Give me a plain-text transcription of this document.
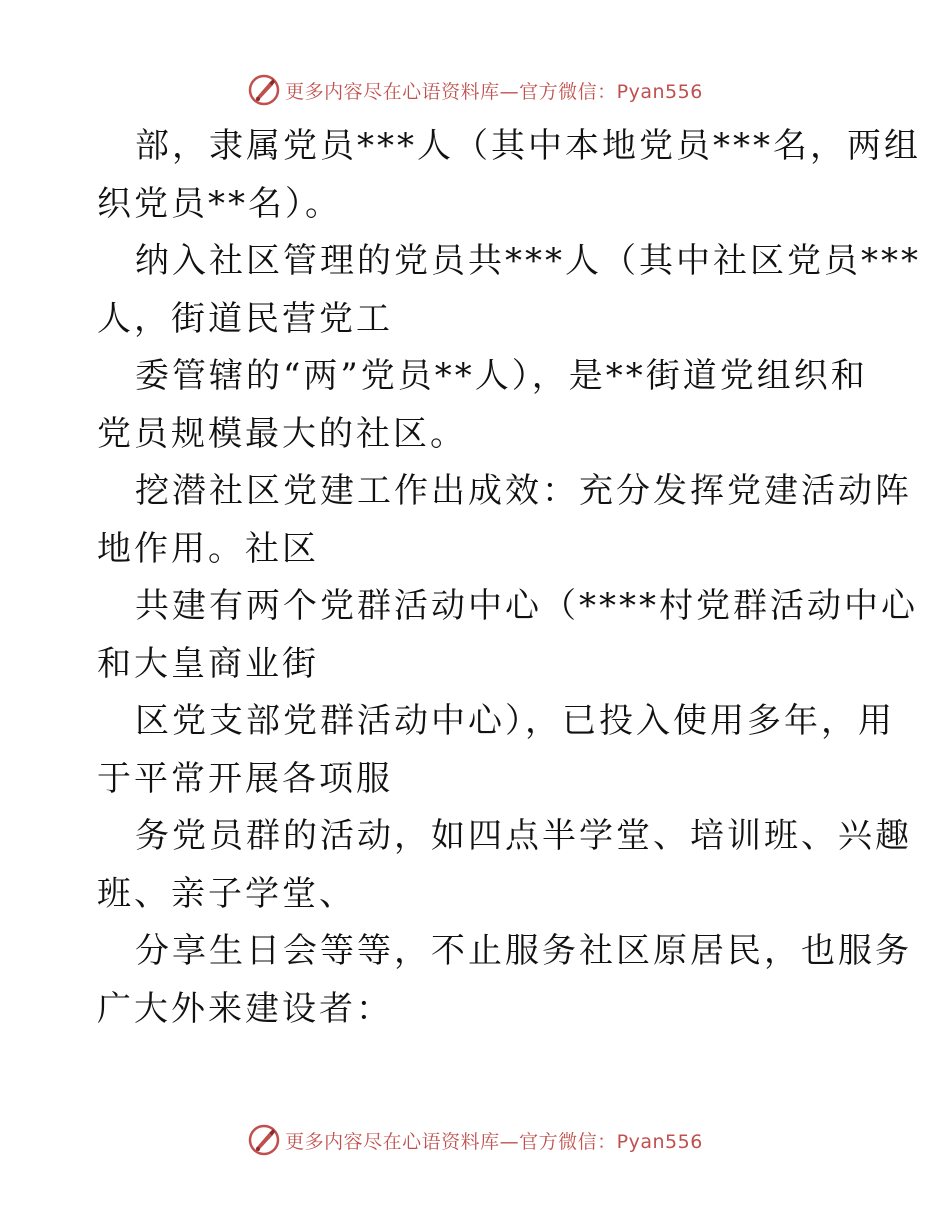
更多内容尽在心语资料库—官方微信：Pyan556
部，隶属党员***人（其中本地党员***名，两组
织党员**名）。
纳入社区管理的党员共***人（其中社区党员***
人，街道民营党工
委管辖的“两”党员**人），是**街道党组织和
党员规模最大的社区。
挖潜社区党建工作出成效：充分发挥党建活动阵
地作用。社区
共建有两个党群活动中心（****村党群活动中心
和大皇商业街
区党支部党群活动中心），已投入使用多年，用
于平常开展各项服
务党员群的活动，如四点半学堂、培训班、兴趣
班、亲子学堂、
分享生日会等等，不止服务社区原居民，也服务
广大外来建设者：
更多内容尽在心语资料库—官方微信：Pyan556
